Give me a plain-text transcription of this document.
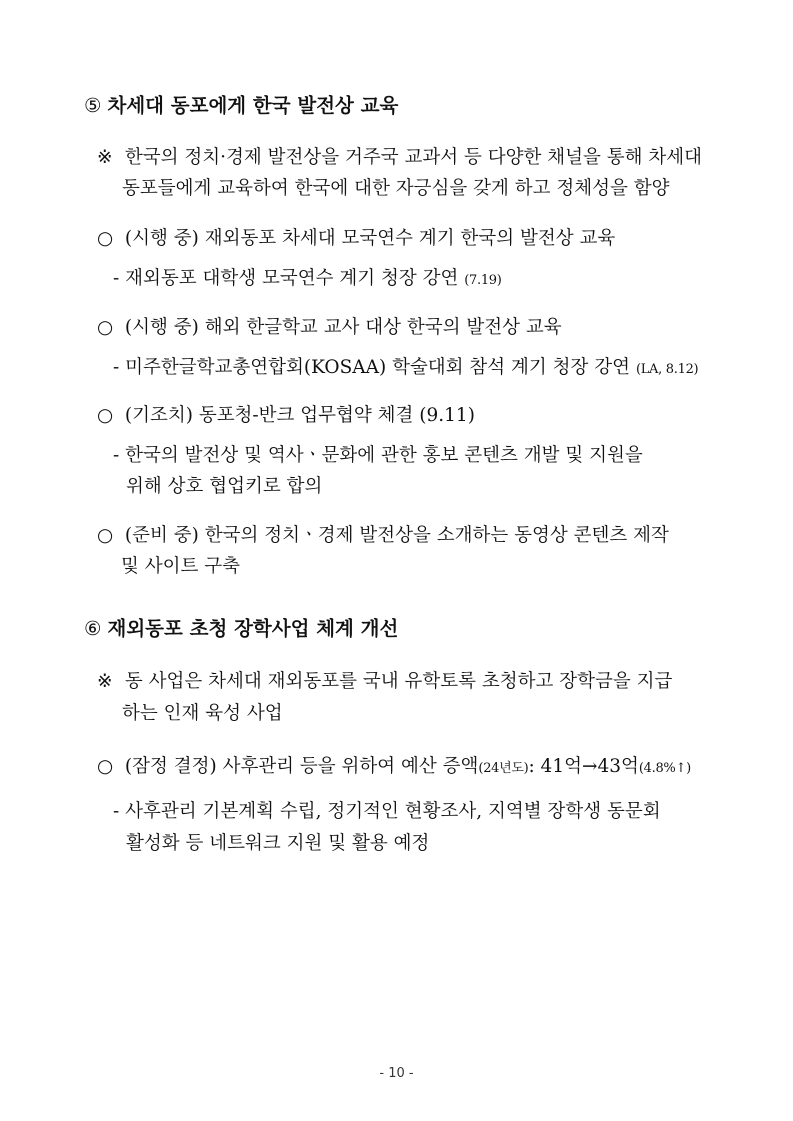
⑤ 차세대 동포에게 한국 발전상 교육
※ 한국의 정치·경제 발전상을 거주국 교과서 등 다양한 채널을 통해 차세대
동포들에게 교육하여 한국에 대한 자긍심을 갖게 하고 정체성을 함양
○ (시행 중) 재외동포 차세대 모국연수 계기 한국의 발전상 교육
- 재외동포 대학생 모국연수 계기 청장 강연 (7.19)
○ (시행 중) 해외 한글학교 교사 대상 한국의 발전상 교육
- 미주한글학교총연합회(KOSAA) 학술대회 참석 계기 청장 강연 (LA, 8.12)
○ (기조치) 동포청-반크 업무협약 체결 (9.11)
- 한국의 발전상 및 역사ㆍ문화에 관한 홍보 콘텐츠 개발 및 지원을
위해 상호 협업키로 합의
○ (준비 중) 한국의 정치ㆍ경제 발전상을 소개하는 동영상 콘텐츠 제작
및 사이트 구축
⑥ 재외동포 초청 장학사업 체계 개선
※ 동 사업은 차세대 재외동포를 국내 유학토록 초청하고 장학금을 지급
하는 인재 육성 사업
○ (잠정 결정) 사후관리 등을 위하여 예산 증액(24년도): 41억→43억(4.8%↑)
- 사후관리 기본계획 수립, 정기적인 현황조사, 지역별 장학생 동문회
활성화 등 네트워크 지원 및 활용 예정
- 10 -
